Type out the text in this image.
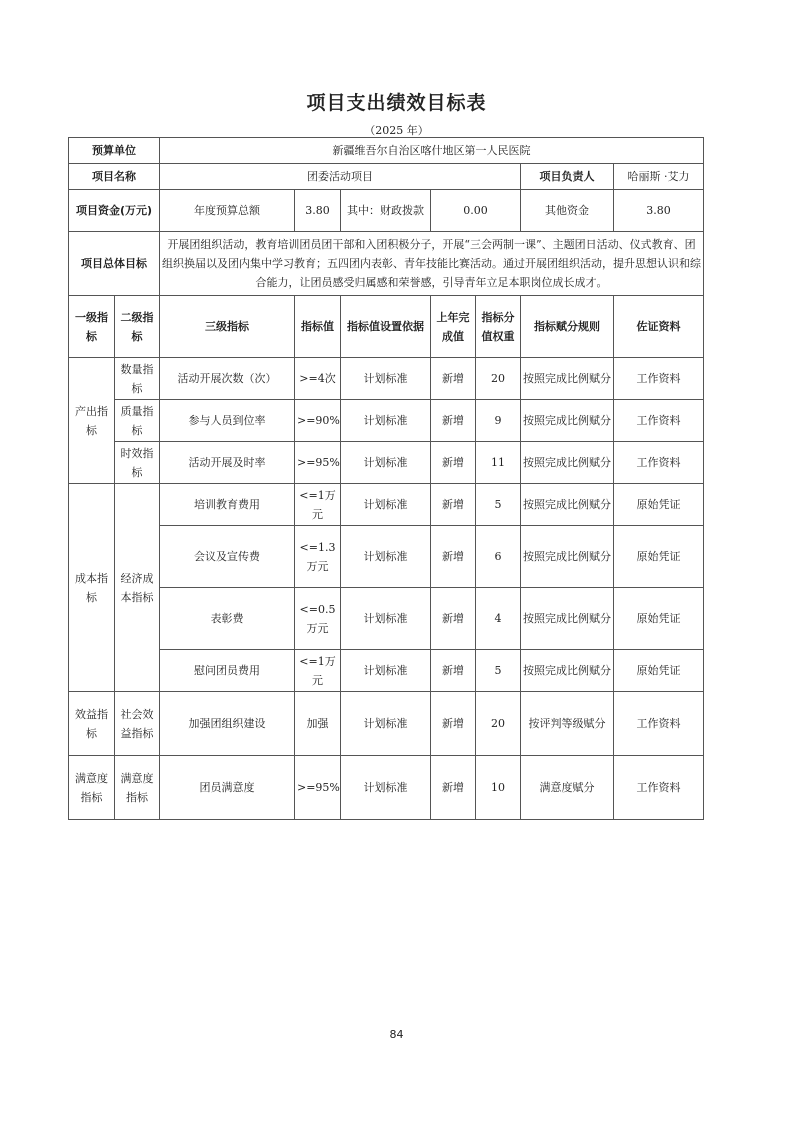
项目支出绩效目标表
（2025 年）
预算单位		新疆维吾尔自治区喀什地区第一人民医院						
项目名称		团委活动项目					项目负责人	哈丽斯 ·艾力
项目资金(万元)		年度预算总额	3.80	其中：财政拨款	0.00		其他资金	3.80
项目总体目标		开展团组织活动，教育培训团员团干部和入团积极分子，开展“三会两制一课”、主题团日活动、仪式教育、团组织换届以及团内集中学习教育；五四团内表彰、青年技能比赛活动。通过开展团组织活动，提升思想认识和综合能力，让团员感受归属感和荣誉感，引导青年立足本职岗位成长成才。						
一级指标	二级指标	三级指标	指标值	指标值设置依据	上年完成值	指标分值权重	指标赋分规则	佐证资料
产出指标	数量指标	活动开展次数（次）	>=4次	计划标准	新增	20	按照完成比例赋分	工作资料
	质量指标	参与人员到位率	>=90%	计划标准	新增	9	按照完成比例赋分	工作资料
	时效指标	活动开展及时率	>=95%	计划标准	新增	11	按照完成比例赋分	工作资料
成本指标	经济成本指标	培训教育费用	<=1万元	计划标准	新增	5	按照完成比例赋分	原始凭证
		会议及宣传费	<=1.3万元	计划标准	新增	6	按照完成比例赋分	原始凭证
		表彰费	<=0.5万元	计划标准	新增	4	按照完成比例赋分	原始凭证
		慰问团员费用	<=1万元	计划标准	新增	5	按照完成比例赋分	原始凭证
效益指标	社会效益指标	加强团组织建设	加强	计划标准	新增	20	按评判等级赋分	工作资料
满意度指标	满意度指标	团员满意度	>=95%	计划标准	新增	10	满意度赋分	工作资料
84
